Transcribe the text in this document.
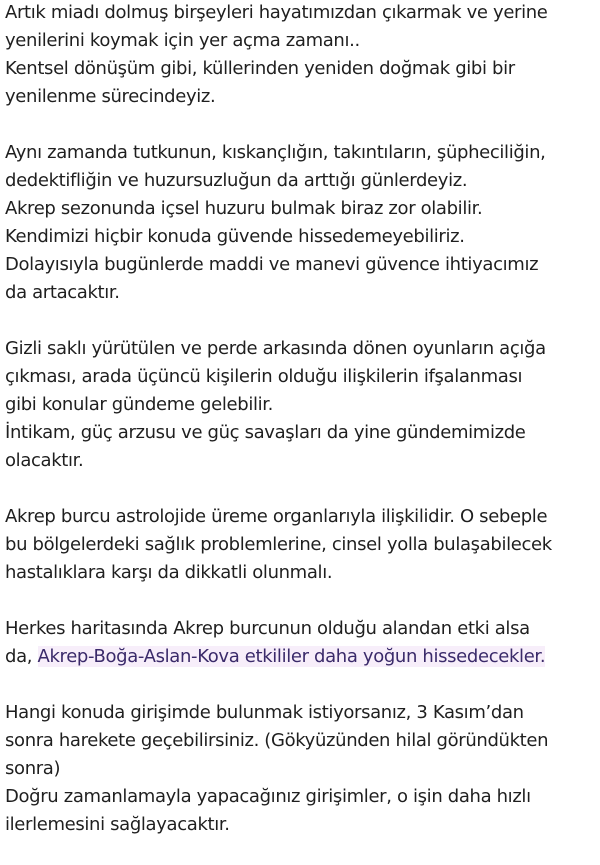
Artık miadı dolmuş birşeyleri hayatımızdan çıkarmak ve yerine
yenilerini koymak için yer açma zamanı..
Kentsel dönüşüm gibi, küllerinden yeniden doğmak gibi bir
yenilenme sürecindeyiz.

Aynı zamanda tutkunun, kıskançlığın, takıntıların, şüpheciliğin,
dedektifliğin ve huzursuzluğun da arttığı günlerdeyiz.
Akrep sezonunda içsel huzuru bulmak biraz zor olabilir.
Kendimizi hiçbir konuda güvende hissedemeyebiliriz.
Dolayısıyla bugünlerde maddi ve manevi güvence ihtiyacımız
da artacaktır.

Gizli saklı yürütülen ve perde arkasında dönen oyunların açığa
çıkması, arada üçüncü kişilerin olduğu ilişkilerin ifşalanması
gibi konular gündeme gelebilir.
İntikam, güç arzusu ve güç savaşları da yine gündemimizde
olacaktır.

Akrep burcu astrolojide üreme organlarıyla ilişkilidir. O sebeple
bu bölgelerdeki sağlık problemlerine, cinsel yolla bulaşabilecek
hastalıklara karşı da dikkatli olunmalı.

Herkes haritasında Akrep burcunun olduğu alandan etki alsa
da, Akrep-Boğa-Aslan-Kova etkililer daha yoğun hissedecekler.

Hangi konuda girişimde bulunmak istiyorsanız, 3 Kasım’dan
sonra harekete geçebilirsiniz. (Gökyüzünden hilal göründükten
sonra)
Doğru zamanlamayla yapacağınız girişimler, o işin daha hızlı
ilerlemesini sağlayacaktır.
